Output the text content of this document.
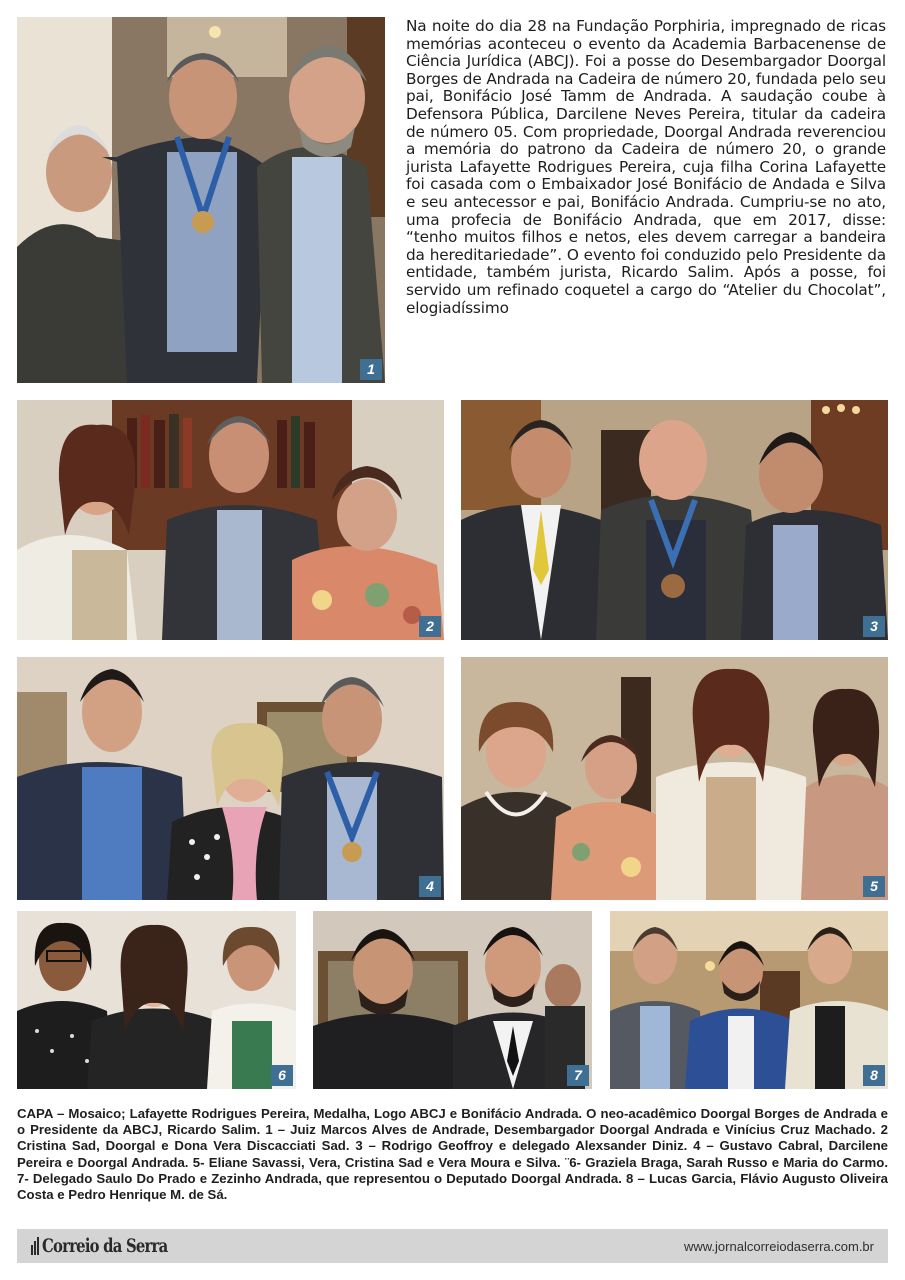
1
Na noite do dia 28 na Fundação Porphiria, impregnado de ricas memórias aconteceu o evento da Academia Barbacenense de Ciência Jurídica (ABCJ). Foi a posse do Desembargador Doorgal Borges de Andrada na Cadeira de número 20, fundada pelo seu pai, Bonifácio José Tamm de Andrada. A saudação coube à Defensora Pública, Darcilene Neves Pereira, titular da cadeira de número 05. Com propriedade, Doorgal Andrada reverenciou a memória do patrono da Cadeira de número 20, o grande jurista Lafayette Rodrigues Pereira, cuja filha Corina Lafayette foi casada com o Embaixador José Bonifácio de Andada e Silva e seu antecessor e pai, Bonifácio Andrada. Cumpriu-se no ato, uma profecia de Bonifácio Andrada, que em 2017, disse: “tenho muitos filhos e netos, eles devem carregar a bandeira da hereditariedade”. O evento foi conduzido pelo Presidente da entidade, também jurista, Ricardo Salim. Após a posse, foi servido um refinado coquetel a cargo do “Atelier du Chocolat”, elogiadíssimo
2	3
4	5
6	7	8
CAPA – Mosaico; Lafayette Rodrigues Pereira, Medalha, Logo ABCJ e Bonifácio Andrada. O neo-acadêmico Doorgal Borges de Andrada e o Presidente da ABCJ, Ricardo Salim. 1 – Juiz Marcos Alves de Andrade, Desembargador Doorgal Andrada e Vinícius Cruz Machado. 2 Cristina Sad, Doorgal e Dona Vera Discacciati Sad. 3 – Rodrigo Geoffroy e delegado Alexsander Diniz. 4 – Gustavo Cabral, Darcilene Pereira e Doorgal Andrada. 5- Eliane Savassi, Vera, Cristina Sad e Vera Moura e Silva. ¨6- Graziela Braga, Sarah Russo e Maria do Carmo. 7- Delegado Saulo Do Prado e Zezinho Andrada, que representou o Deputado Doorgal Andrada. 8 – Lucas Garcia, Flávio Augusto Oliveira Costa e Pedro Henrique M. de Sá.
Correio da Serra	www.jornalcorreiodaserra.com.br
